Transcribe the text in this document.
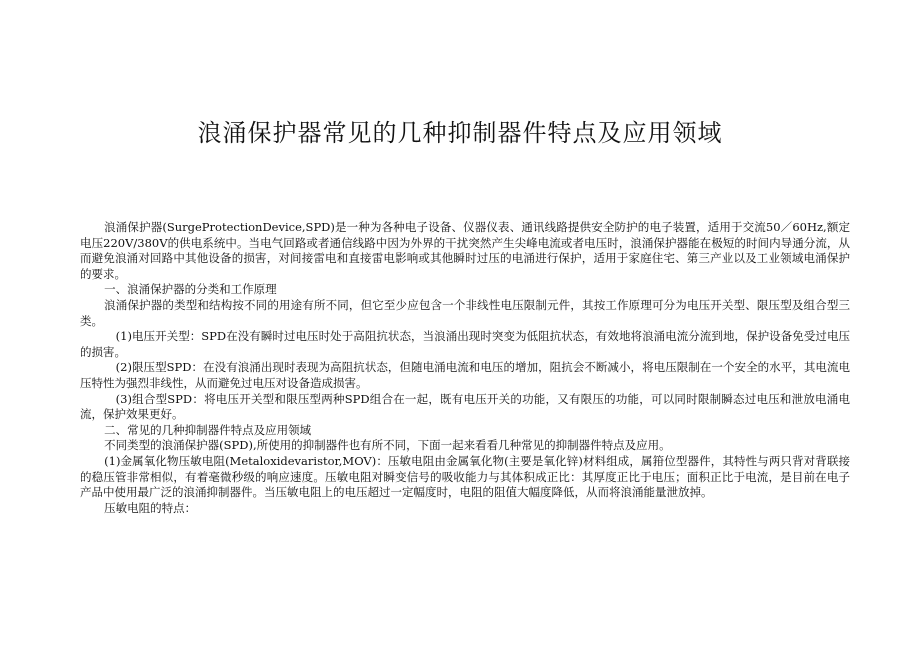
浪涌保护器常见的几种抑制器件特点及应用领域

浪涌保护器(SurgeProtectionDevice,SPD)是一种为各种电子设备、仪器仪表、通讯线路提供安全防护的电子装置，适用于交流50／60Hz,额定电压220V/380V的供电系统中。当电气回路或者通信线路中因为外界的干扰突然产生尖峰电流或者电压时，浪涌保护器能在极短的时间内导通分流，从而避免浪涌对回路中其他设备的损害，对间接雷电和直接雷电影响或其他瞬时过压的电涌进行保护，适用于家庭住宅、第三产业以及工业领域电涌保护的要求。

一、浪涌保护器的分类和工作原理

浪涌保护器的类型和结构按不同的用途有所不同，但它至少应包含一个非线性电压限制元件，其按工作原理可分为电压开关型、限压型及组合型三类。

(1)电压开关型：SPD在没有瞬时过电压时处于高阻抗状态，当浪涌出现时突变为低阻抗状态，有效地将浪涌电流分流到地，保护设备免受过电压的损害。

(2)限压型SPD：在没有浪涌出现时表现为高阻抗状态，但随电涌电流和电压的增加，阻抗会不断减小，将电压限制在一个安全的水平，其电流电压特性为强烈非线性，从而避免过电压对设备造成损害。

(3)组合型SPD：将电压开关型和限压型两种SPD组合在一起，既有电压开关的功能，又有限压的功能，可以同时限制瞬态过电压和泄放电涌电流，保护效果更好。

二、常见的几种抑制器件特点及应用领域

不同类型的浪涌保护器(SPD),所使用的抑制器件也有所不同，下面一起来看看几种常见的抑制器件特点及应用。

(1)金属氧化物压敏电阻(Metaloxidevaristor,MOV)：压敏电阻由金属氧化物(主要是氧化锌)材料组成，属箝位型器件，其特性与两只背对背联接的稳压管非常相似，有着毫微秒级的响应速度。压敏电阻对瞬变信号的吸收能力与其体积成正比：其厚度正比于电压；面积正比于电流，是目前在电子产品中使用最广泛的浪涌抑制器件。当压敏电阻上的电压超过一定幅度时，电阻的阻值大幅度降低，从而将浪涌能量泄放掉。

压敏电阻的特点：
